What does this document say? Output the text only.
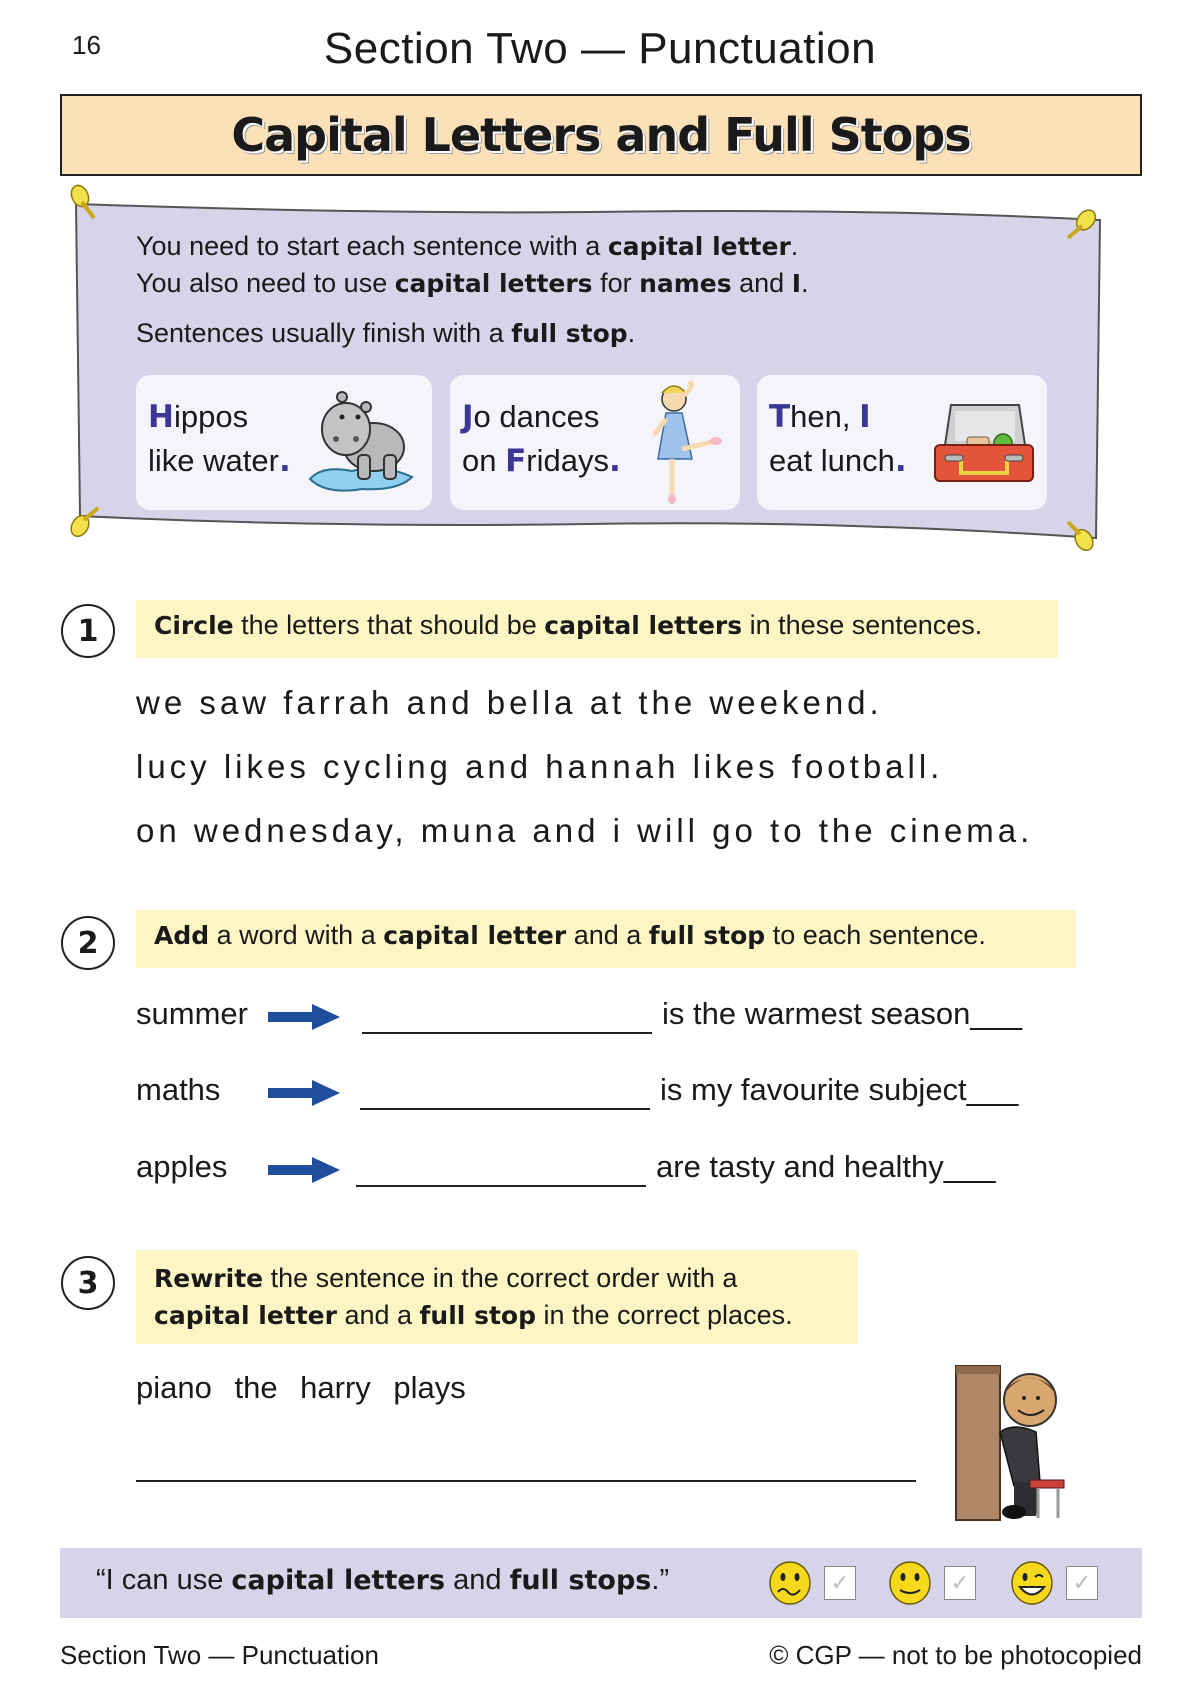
16	Section Two — Punctuation
Capital Letters and Full Stops
You need to start each sentence with a capital letter.
You also need to use capital letters for names and I.
Sentences usually finish with a full stop.
Hippos
like water.
Jo dances
on Fridays.
Then, I
eat lunch.
1	Circle the letters that should be capital letters in these sentences.
we saw farrah and bella at the weekend.
lucy likes cycling and hannah likes football.
on wednesday, muna and i will go to the cinema.
2	Add a word with a capital letter and a full stop to each sentence.
summer	is the warmest season___
maths	is my favourite subject___
apples	are tasty and healthy___
3	Rewrite the sentence in the correct order with a
capital letter and a full stop in the correct places.
piano the harry plays
“I can use capital letters and full stops.”	✓	✓	✓
Section Two — Punctuation	© CGP — not to be photocopied
